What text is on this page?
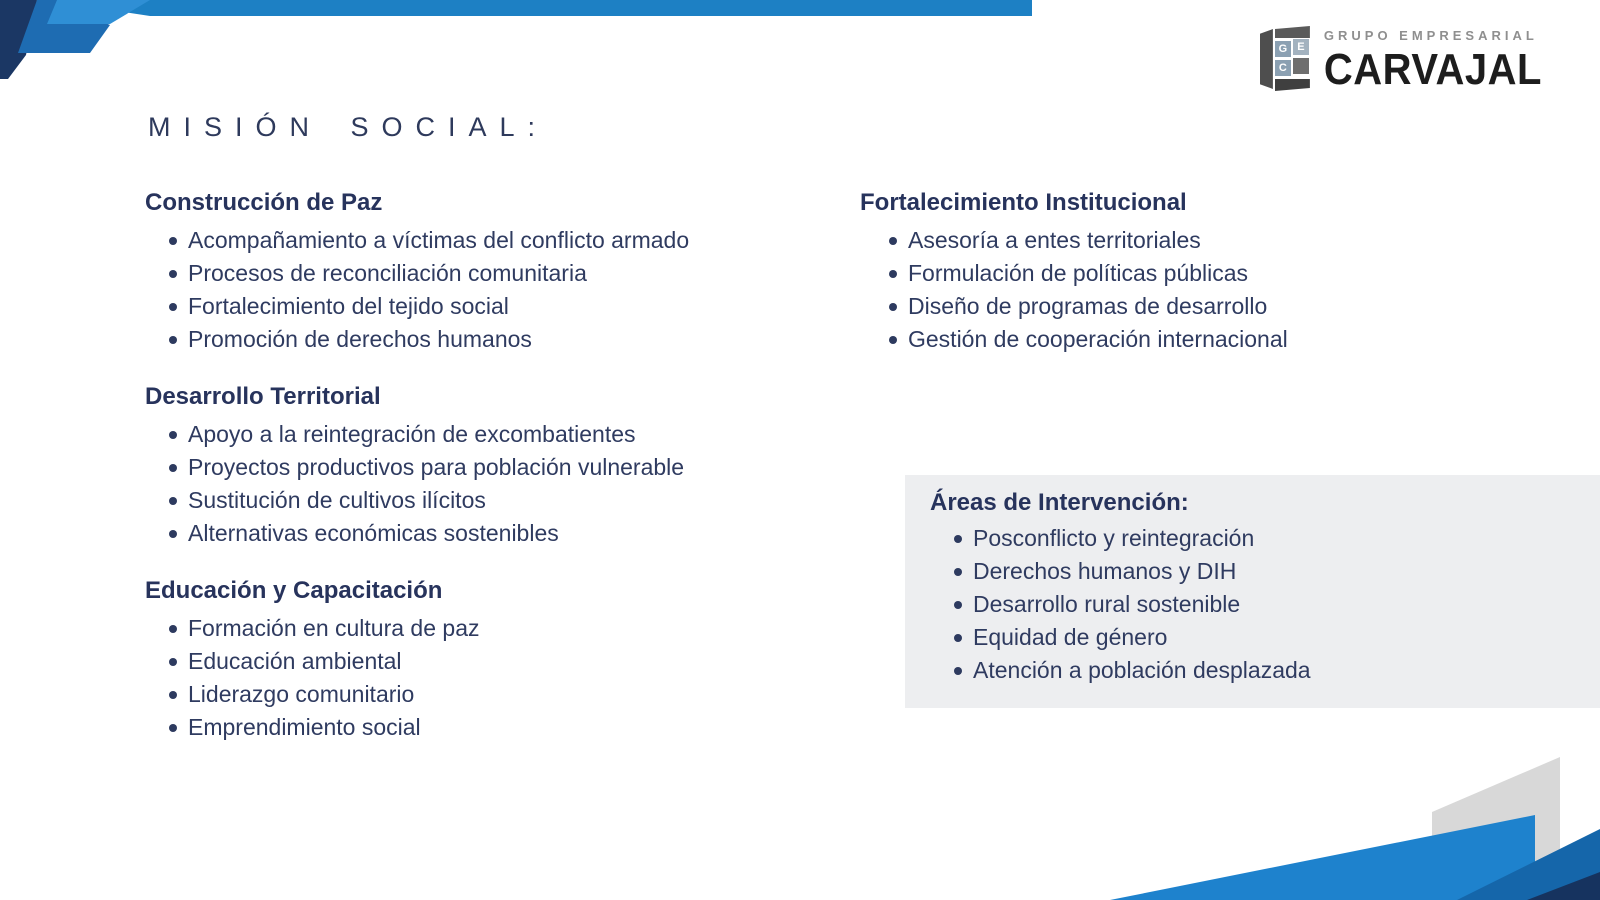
G E
C
GRUPO EMPRESARIAL
CARVAJAL
MISIÓN SOCIAL:
Construcción de Paz
Acompañamiento a víctimas del conflicto armado
Procesos de reconciliación comunitaria
Fortalecimiento del tejido social
Promoción de derechos humanos
Desarrollo Territorial
Apoyo a la reintegración de excombatientes
Proyectos productivos para población vulnerable
Sustitución de cultivos ilícitos
Alternativas económicas sostenibles
Educación y Capacitación
Formación en cultura de paz
Educación ambiental
Liderazgo comunitario
Emprendimiento social
Fortalecimiento Institucional
Asesoría a entes territoriales
Formulación de políticas públicas
Diseño de programas de desarrollo
Gestión de cooperación internacional
Áreas de Intervención:
Posconflicto y reintegración
Derechos humanos y DIH
Desarrollo rural sostenible
Equidad de género
Atención a población desplazada
